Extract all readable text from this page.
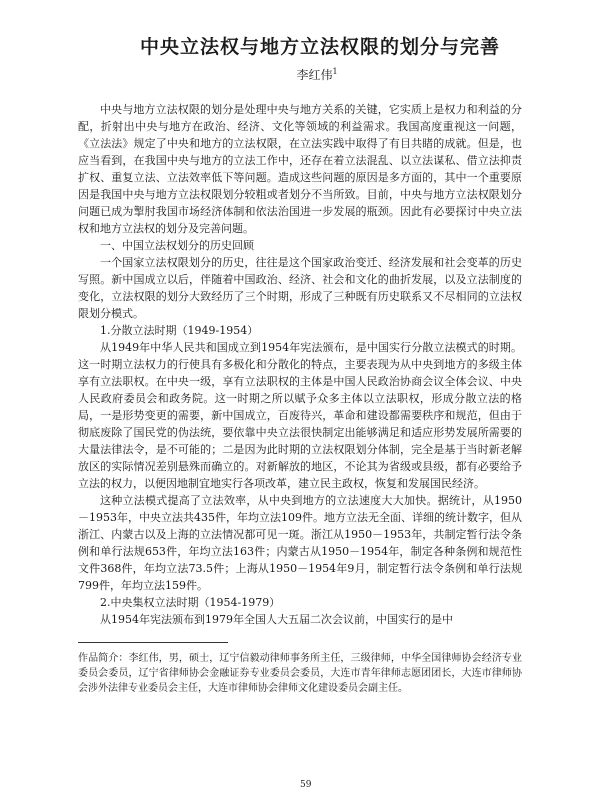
中央立法权与地方立法权限的划分与完善
李红伟$^1$

中央与地方立法权限的划分是处理中央与地方关系的关键，它实质上是权力和利益的分配，折射出中央与地方在政治、经济、文化等领域的利益需求。我国高度重视这一问题，《立法法》规定了中央和地方的立法权限，在立法实践中取得了有目共睹的成就。但是，也应当看到，在我国中央与地方的立法工作中，还存在着立法混乱、以立法谋私、借立法抑责扩权、重复立法、立法效率低下等问题。造成这些问题的原因是多方面的，其中一个重要原因是我国中央与地方立法权限划分较粗或者划分不当所致。目前，中央与地方立法权限划分问题已成为掣肘我国市场经济体制和依法治国进一步发展的瓶颈。因此有必要探讨中央立法权和地方立法权的划分及完善问题。

一、中国立法权划分的历史回顾

一个国家立法权限划分的历史，往往是这个国家政治变迁、经济发展和社会变革的历史写照。新中国成立以后，伴随着中国政治、经济、社会和文化的曲折发展，以及立法制度的变化，立法权限的划分大致经历了三个时期，形成了三种既有历史联系又不尽相同的立法权限划分模式。

1.分散立法时期（1949-1954）

从1949年中华人民共和国成立到1954年宪法颁布，是中国实行分散立法模式的时期。这一时期立法权力的行使具有多极化和分散化的特点，主要表现为从中央到地方的多级主体享有立法职权。在中央一级，享有立法职权的主体是中国人民政治协商会议全体会议、中央人民政府委员会和政务院。这一时期之所以赋予众多主体以立法职权，形成分散立法的格局，一是形势变更的需要，新中国成立，百废待兴，革命和建设都需要秩序和规范，但由于彻底废除了国民党的伪法统，要依靠中央立法很快制定出能够满足和适应形势发展所需要的大量法律法令，是不可能的；二是因为此时期的立法权限划分体制，完全是基于当时新老解放区的实际情况差别悬殊而确立的。对新解放的地区，不论其为省级或县级，都有必要给予立法的权力，以便因地制宜地实行各项改革，建立民主政权，恢复和发展国民经济。

这种立法模式提高了立法效率，从中央到地方的立法速度大大加快。据统计，从1950－1953年，中央立法共435件，年均立法109件。地方立法无全面、详细的统计数字，但从浙江、内蒙古以及上海的立法情况都可见一斑。浙江从1950－1953年，共制定暂行法令条例和单行法规653件，年均立法163件；内蒙古从1950－1954年，制定各种条例和规范性文件368件，年均立法73.5件；上海从1950－1954年9月，制定暂行法令条例和单行法规799件，年均立法159件。

2.中央集权立法时期（1954-1979）

从1954年宪法颁布到1979年全国人大五届二次会议前，中国实行的是中

作品简介：李红伟，男，硕士，辽宁信毅动律师事务所主任，三级律师，中华全国律师协会经济专业委员会委员，辽宁省律师协会金融证券专业委员会委员，大连市青年律师志愿团团长，大连市律师协会涉外法律专业委员会主任，大连市律师协会律师文化建设委员会副主任。

59
